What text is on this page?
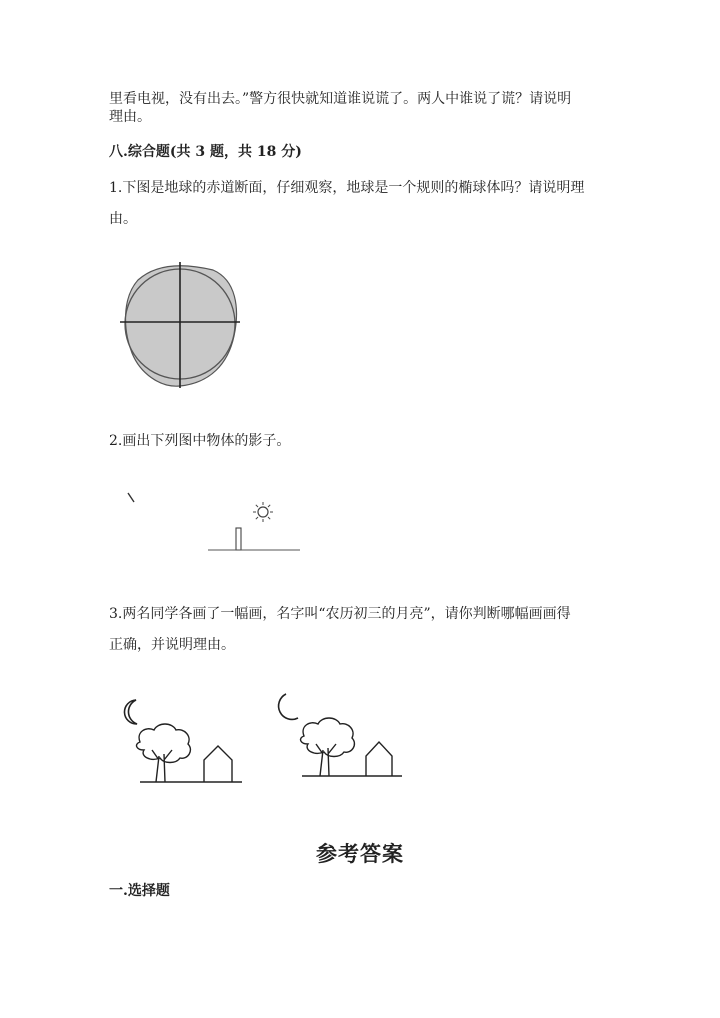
里看电视，没有出去。”警方很快就知道谁说谎了。两人中谁说了谎？请说明
理由。
八.综合题(共 3 题，共 18 分)
1.下图是地球的赤道断面，仔细观察，地球是一个规则的椭球体吗？请说明理
由。
2.画出下列图中物体的影子。
3.两名同学各画了一幅画，名字叫“农历初三的月亮”，请你判断哪幅画画得
正确，并说明理由。
参考答案
一.选择题
